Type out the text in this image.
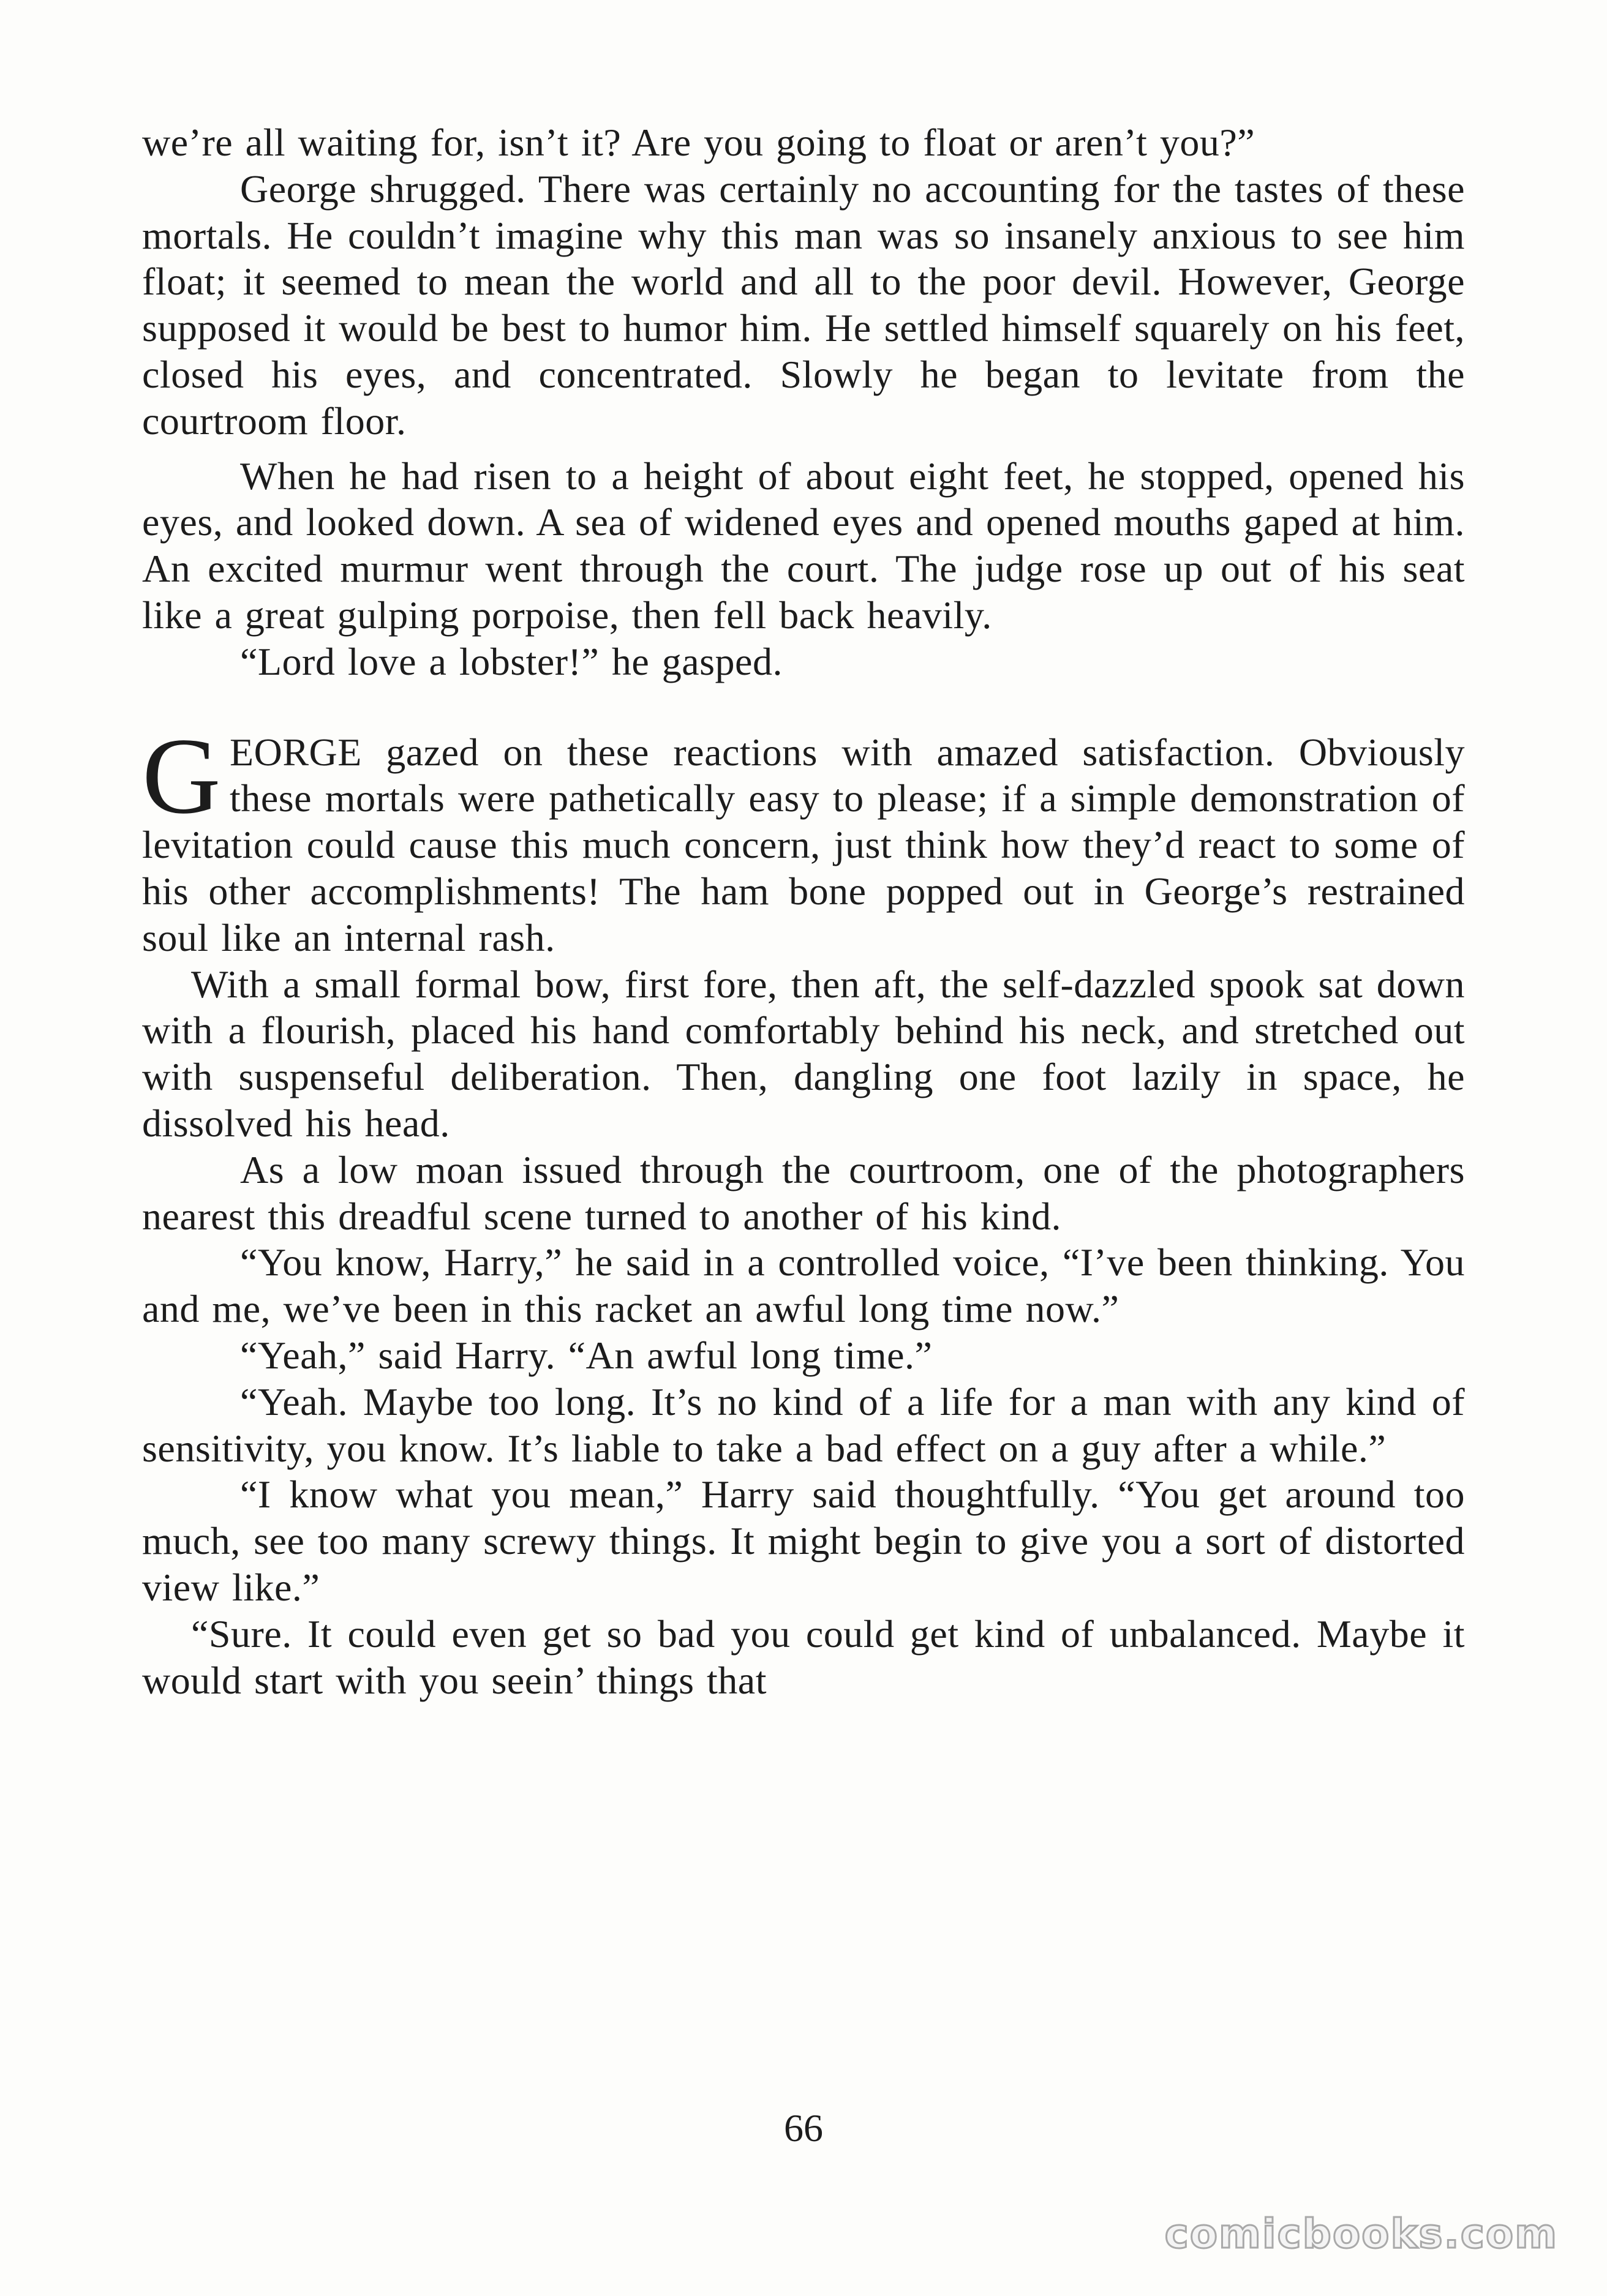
we’re all waiting for, isn’t it? Are you going to float or aren’t you?”

George shrugged. There was certainly no accounting for the tastes of these mortals. He couldn’t imagine why this man was so insanely anxious to see him float; it seemed to mean the world and all to the poor devil. However, George supposed it would be best to humor him. He settled himself squarely on his feet, closed his eyes, and concentrated. Slowly he began to levitate from the courtroom floor.

When he had risen to a height of about eight feet, he stopped, opened his eyes, and looked down. A sea of widened eyes and opened mouths gaped at him. An excited murmur went through the court. The judge rose up out of his seat like a great gulping porpoise, then fell back heavily.

“Lord love a lobster!” he gasped.

GEORGE gazed on these reactions with amazed satisfaction. Obviously these mortals were pathetically easy to please; if a simple demonstration of levitation could cause this much concern, just think how they’d react to some of his other accomplishments! The ham bone popped out in George’s restrained soul like an internal rash.

With a small formal bow, first fore, then aft, the self-dazzled spook sat down with a flourish, placed his hand comfortably behind his neck, and stretched out with suspenseful deliberation. Then, dangling one foot lazily in space, he dissolved his head.

As a low moan issued through the courtroom, one of the photographers nearest this dreadful scene turned to another of his kind.

“You know, Harry,” he said in a controlled voice, “I’ve been thinking. You and me, we’ve been in this racket an awful long time now.”

“Yeah,” said Harry. “An awful long time.”

“Yeah. Maybe too long. It’s no kind of a life for a man with any kind of sensitivity, you know. It’s liable to take a bad effect on a guy after a while.”

“I know what you mean,” Harry said thoughtfully. “You get around too much, see too many screwy things. It might begin to give you a sort of distorted view like.”

“Sure. It could even get so bad you could get kind of unbalanced. Maybe it would start with you seein’ things that

66
comicbooks.com
